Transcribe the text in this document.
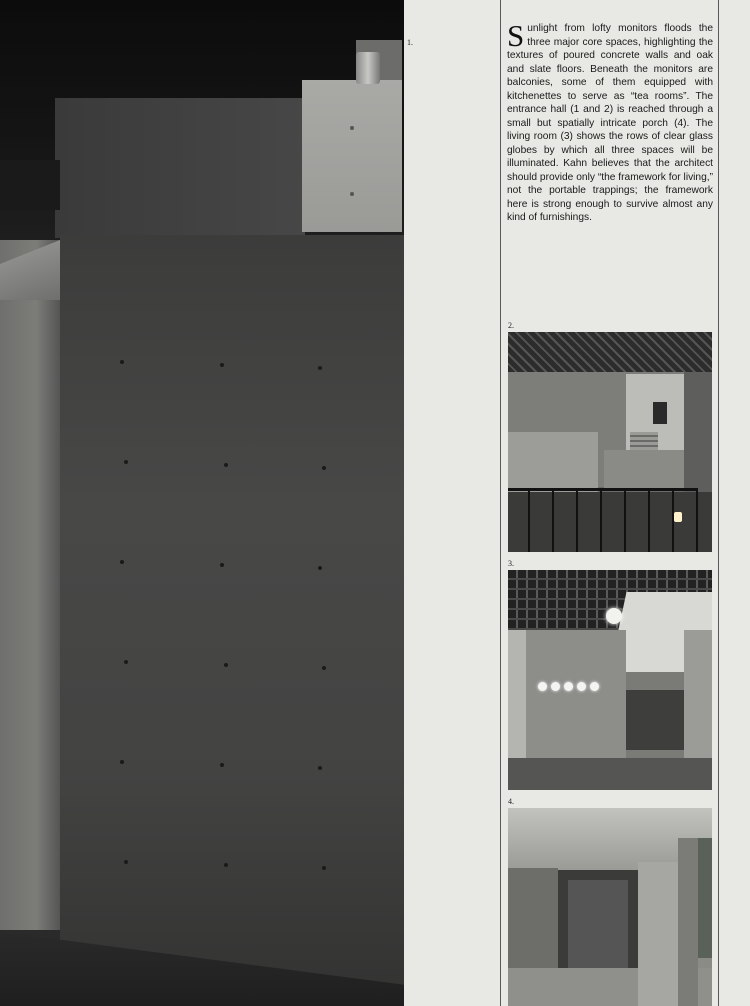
1.	Sunlight from lofty monitors floods the three major core spaces, highlighting the textures of poured concrete walls and oak and slate floors. Beneath the monitors are balconies, some of them equipped with kitchenettes to serve as “tea rooms”. The entrance hall (1 and 2) is reached through a small but spatially intricate porch (4). The living room (3) shows the rows of clear glass globes by which all three spaces will be illuminated. Kahn believes that the architect should provide only “the framework for living,” not the portable trappings; the framework here is strong enough to survive almost any kind of furnishings.
2.
3.
4.
